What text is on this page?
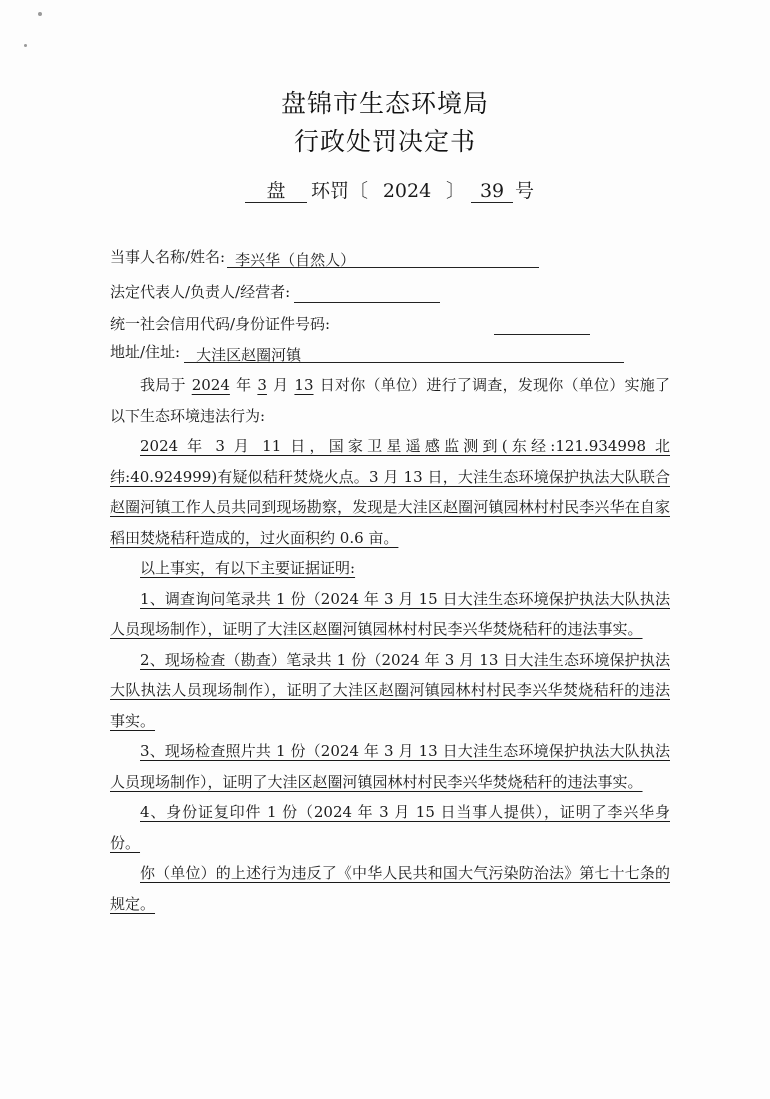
盘锦市生态环境局
行政处罚决定书
盘 环罚〔 2024 〕 39 号
当事人名称/姓名: 李兴华（自然人）
法定代表人/负责人/经营者:
统一社会信用代码/身份证件号码:
地址/住址: 大洼区赵圈河镇

我局于 2024 年 3 月 13 日对你（单位）进行了调查，发现你（单位）实施了以下生态环境违法行为:

2024 年 3 月 11 日，国家卫星遥感监测到(东经:121.934998 北纬:40.924999)有疑似秸秆焚烧火点。3 月 13 日，大洼生态环境保护执法大队联合赵圈河镇工作人员共同到现场勘察，发现是大洼区赵圈河镇园林村村民李兴华在自家稻田焚烧秸秆造成的，过火面积约 0.6 亩。

以上事实，有以下主要证据证明:

1、调查询问笔录共 1 份（2024 年 3 月 15 日大洼生态环境保护执法大队执法人员现场制作），证明了大洼区赵圈河镇园林村村民李兴华焚烧秸秆的违法事实。

2、现场检查（勘查）笔录共 1 份（2024 年 3 月 13 日大洼生态环境保护执法大队执法人员现场制作），证明了大洼区赵圈河镇园林村村民李兴华焚烧秸秆的违法事实。

3、现场检查照片共 1 份（2024 年 3 月 13 日大洼生态环境保护执法大队执法人员现场制作），证明了大洼区赵圈河镇园林村村民李兴华焚烧秸秆的违法事实。

4、身份证复印件 1 份（2024 年 3 月 15 日当事人提供），证明了李兴华身份。

你（单位）的上述行为违反了《中华人民共和国大气污染防治法》第七十七条的规定。
